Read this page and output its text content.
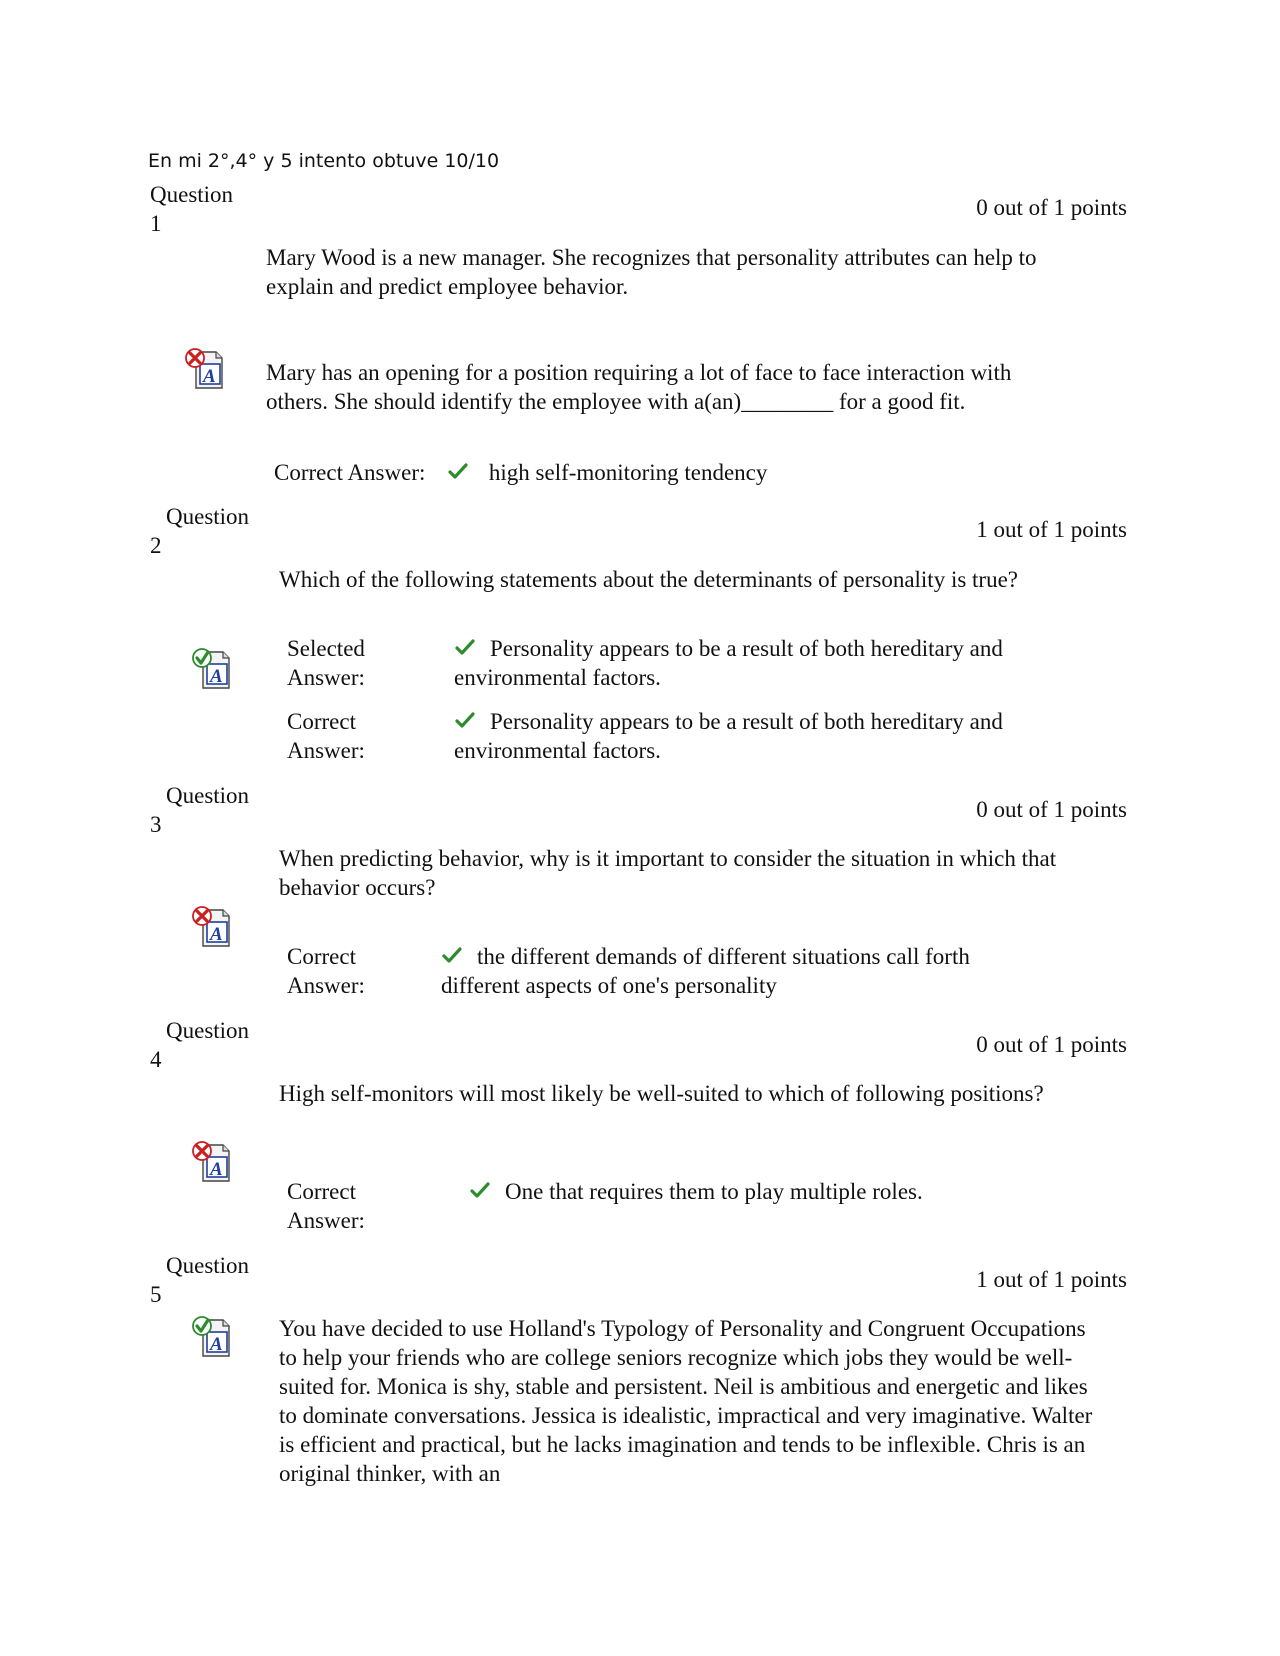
En mi 2°,4° y 5 intento obtuve 10/10
Question
1
0 out of 1 points
Mary Wood is a new manager. She recognizes that personality attributes can help to explain and predict employee behavior.
Mary has an opening for a position requiring a lot of face to face interaction with others. She should identify the employee with a(an)________ for a good fit.
Correct Answer:	high self-monitoring tendency
Question
2
1 out of 1 points
Which of the following statements about the determinants of personality is true?
Selected
Answer:
Personality appears to be a result of both hereditary and environmental factors.
Correct
Answer:
Personality appears to be a result of both hereditary and environmental factors.
Question
3
0 out of 1 points
When predicting behavior, why is it important to consider the situation in which that behavior occurs?
Correct
Answer:
the different demands of different situations call forth different aspects of one's personality
Question
4
0 out of 1 points
High self-monitors will most likely be well-suited to which of following positions?
Correct
Answer:
One that requires them to play multiple roles.
Question
5
1 out of 1 points
You have decided to use Holland's Typology of Personality and Congruent Occupations to help your friends who are college seniors recognize which jobs they would be well-suited for. Monica is shy, stable and persistent. Neil is ambitious and energetic and likes to dominate conversations. Jessica is idealistic, impractical and very imaginative. Walter is efficient and practical, but he lacks imagination and tends to be inflexible. Chris is an original thinker, with an
